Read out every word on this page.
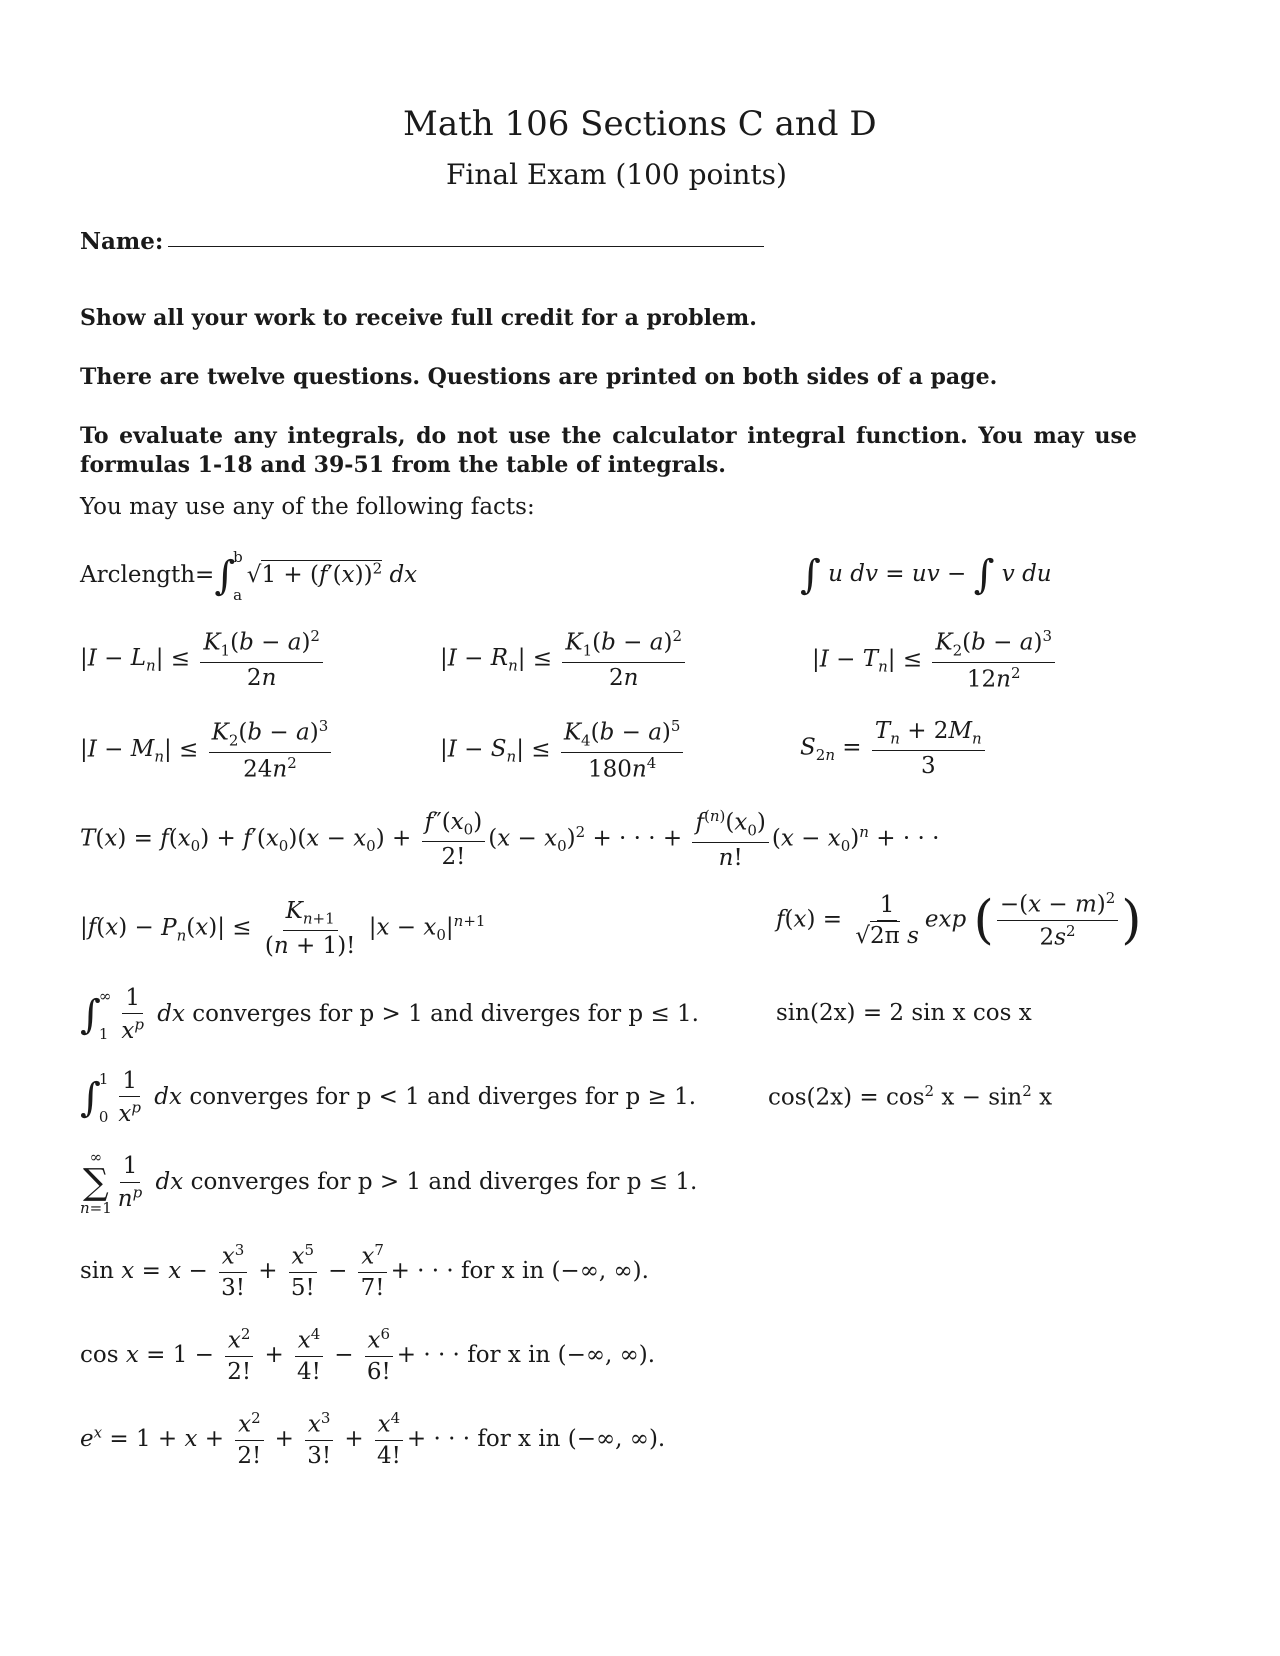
Math 106 Sections C and D
Final Exam (100 points)
Name:
Show all your work to receive full credit for a problem.
There are twelve questions. Questions are printed on both sides of a page.
To evaluate any integrals, do not use the calculator integral function. You may use
formulas 1-18 and 39-51 from the table of integrals.
You may use any of the following facts:
Arclength=∫
b
a
$√1 + (f'(x))^2$ dx	∫ u dv = uv − ∫ v du
$|I - L_n| \le \frac{K_1(b - a)^2}{2n}$	$|I - R_n| \le \frac{K_1(b - a)^2}{2n}$	$|I - T_n| \le \frac{K_2(b - a)^3}{12n^2}$
$|I - M_n| \le \frac{K_2(b - a)^3}{24n^2}$	$|I - S_n| \le \frac{K_4(b - a)^5}{180n^4}$	$S_{2n} = \frac{T_n + 2M_n}{3}$
$T(x) = f(x_0) + f'(x_0)(x - x_0) + \frac{f''(x_0)}{2!} (x - x_0)^2$ + · · · + $\frac{f^{(n)}(x_0)}{n!} (x - x_0)^n$ + · · ·
$|f(x) - P_n(x)| \le \frac{K_{n+1}}{(n + 1)!} |x - x_0|^{n+1}$	$f(x) = \frac{1}{\text{√2π s}}$ exp ( $\frac{-(x - m)^2}{2s^2}$ )
∫
∞
$1 \frac{1}{x^p}$ dx converges for p > 1 and diverges for p ≤ 1.	sin(2x) = 2 sin x cos x
∫
1
$0 \frac{1}{x^p}$ dx converges for p < 1 and diverges for p ≥ 1.	$\cos(2x) = \cos^2 x - \sin^2 x$
∞
∑
$n=1 \frac{1}{n^p}$ dx converges for p > 1 and diverges for p ≤ 1.
$\sin x = x - \frac{x^3}{3!} + \frac{x^5}{5!} - \frac{x^7}{7!}$ + · · · for x in (−∞, ∞).
$\cos x = 1 - \frac{x^2}{2!} + \frac{x^4}{4!} - \frac{x^6}{6!}$ + · · · for x in (−∞, ∞).
$e^x = 1 + x + \frac{x^2}{2!} + \frac{x^3}{3!} + \frac{x^4}{4!}$ + · · · for x in (−∞, ∞).
